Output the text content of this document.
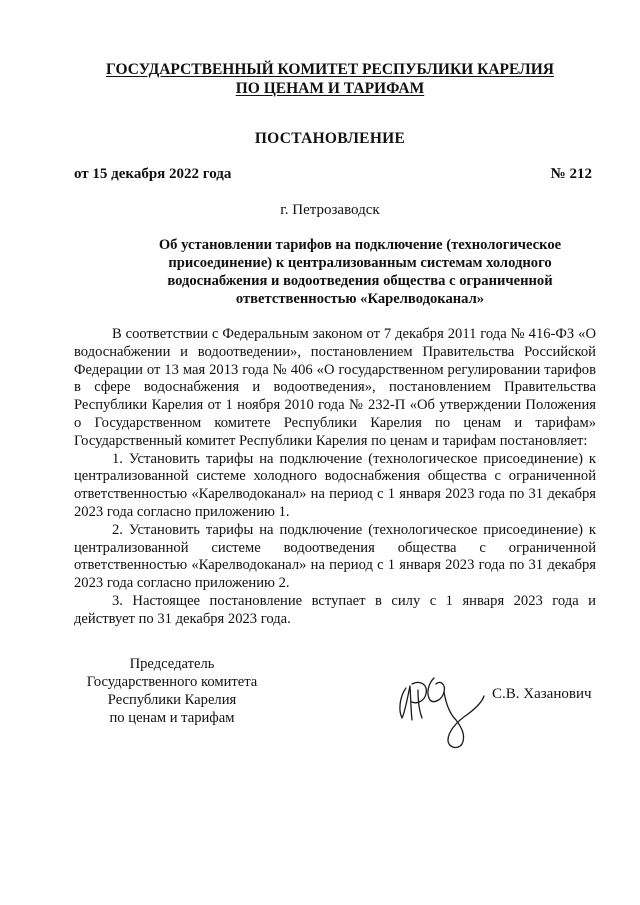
ГОСУДАРСТВЕННЫЙ КОМИТЕТ РЕСПУБЛИКИ КАРЕЛИЯ
ПО ЦЕНАМ И ТАРИФАМ
ПОСТАНОВЛЕНИЕ
от 15 декабря 2022 года	№ 212
г. Петрозаводск
Об установлении тарифов на подключение (технологическое присоединение) к централизованным системам холодного водоснабжения и водоотведения общества с ограниченной ответственностью «Карелводоканал»

В соответствии с Федеральным законом от 7 декабря 2011 года № 416-ФЗ «О водоснабжении и водоотведении», постановлением Правительства Российской Федерации от 13 мая 2013 года № 406 «О государственном регулировании тарифов в сфере водоснабжения и водоотведения», постановлением Правительства Республики Карелия от 1 ноября 2010 года № 232-П «Об утверждении Положения о Государственном комитете Республики Карелия по ценам и тарифам» Государственный комитет Республики Карелия по ценам и тарифам постановляет:

1. Установить тарифы на подключение (технологическое присоединение) к централизованной системе холодного водоснабжения общества с ограниченной ответственностью «Карелводоканал» на период с 1 января 2023 года по 31 декабря 2023 года согласно приложению 1.

2. Установить тарифы на подключение (технологическое присоединение) к централизованной системе водоотведения общества с ограниченной ответственностью «Карелводоканал» на период с 1 января 2023 года по 31 декабря 2023 года согласно приложению 2.

3. Настоящее постановление вступает в силу с 1 января 2023 года и действует по 31 декабря 2023 года.

Председатель
Государственного комитета
Республики Карелия
по ценам и тарифам
С.В. Хазанович
